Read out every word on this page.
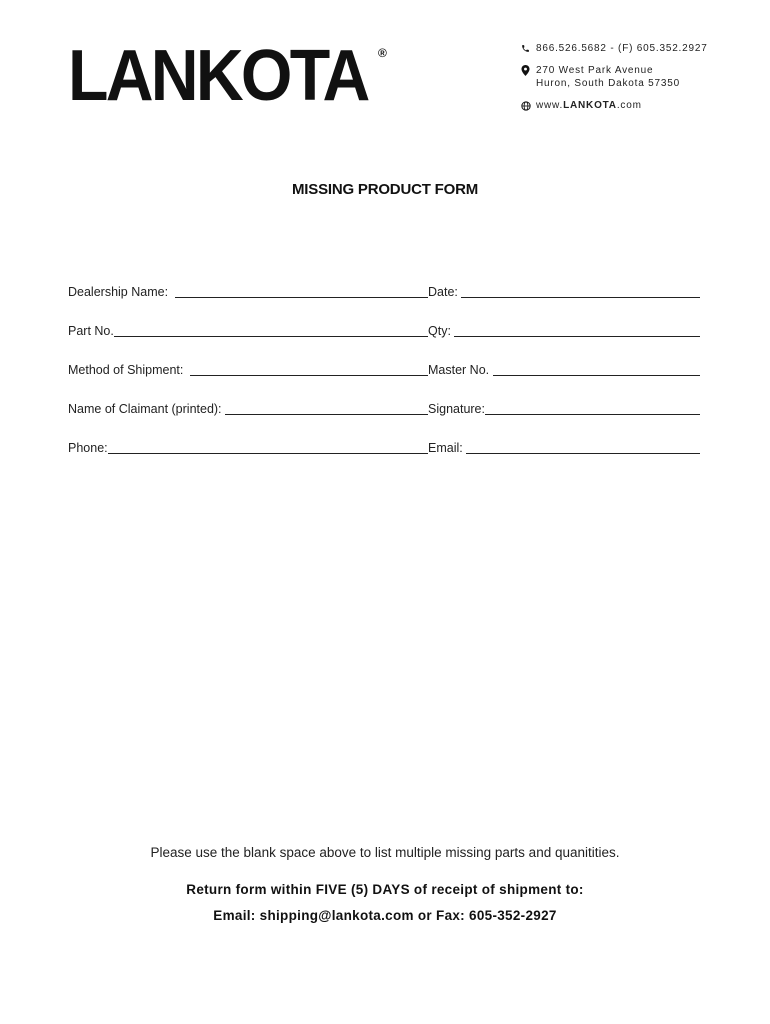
LANKOTA ®	866.526.5682 - (F) 605.352.2927
270 West Park Avenue
Huron, South Dakota 57350
www.LANKOTA.com
MISSING PRODUCT FORM
Dealership Name:	Date:
Part No.	Qty:
Method of Shipment:	Master No.
Name of Claimant (printed):	Signature:
Phone:	Email:
Please use the blank space above to list multiple missing parts and quanitities.
Return form within FIVE (5) DAYS of receipt of shipment to:
Email: shipping@lankota.com or Fax: 605-352-2927
